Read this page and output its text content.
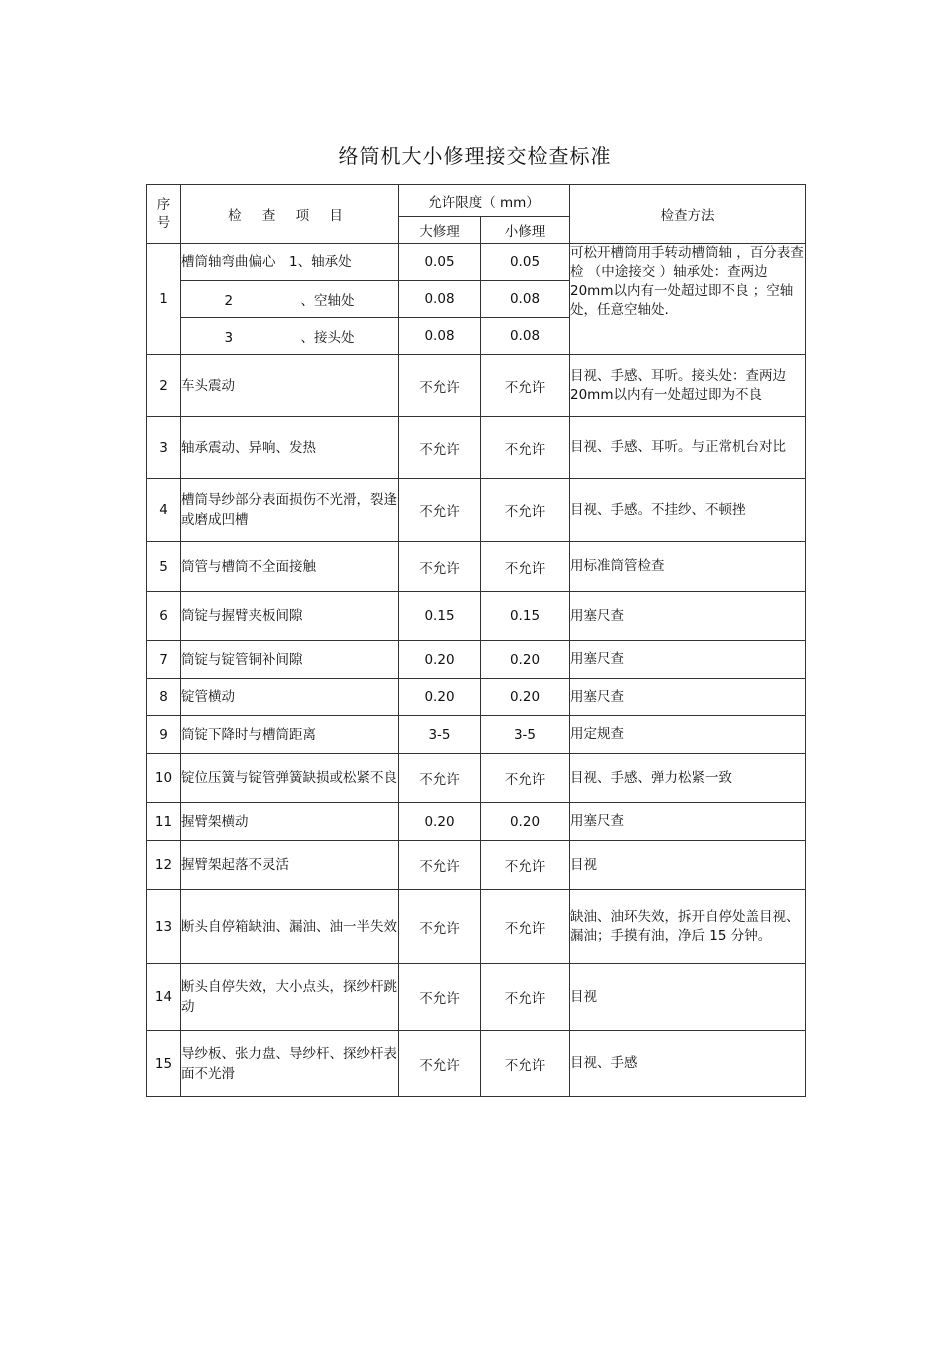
络筒机大小修理接交检查标准
序号	检 查 项 目	允许限度（ mm）		检查方法
		大修理	小修理	
1	槽筒轴弯曲偏心　1、轴承处	0.05	0.05	可松开槽筒用手转动槽筒轴 ，百分表查检 （中途接交 ）轴承处：查两边 20mm以内有一处超过即不良 ；空轴处，任意空轴处.
	2　　　　　、空轴处	0.08	0.08	
	3　　　　　、接头处	0.08	0.08	
2	车头震动	不允许	不允许	目视、手感、耳听。接头处：查两边 20mm以内有一处超过即为不良
3	轴承震动、异响、发热	不允许	不允许	目视、手感、耳听。与正常机台对比
4	槽筒导纱部分表面损伤不光滑，裂逢或磨成凹槽	不允许	不允许	目视、手感。不挂纱、不顿挫
5	筒管与槽筒不全面接触	不允许	不允许	用标准筒管检查
6	筒锭与握臂夹板间隙	0.15	0.15	用塞尺查
7	筒锭与锭管铜补间隙	0.20	0.20	用塞尺查
8	锭管横动	0.20	0.20	用塞尺查
9	筒锭下降时与槽筒距离	3-5	3-5	用定规查
10	锭位压簧与锭管弹簧缺损或松紧不良	不允许	不允许	目视、手感、弹力松紧一致
11	握臂架横动	0.20	0.20	用塞尺查
12	握臂架起落不灵活	不允许	不允许	目视
13	断头自停箱缺油、漏油、油一半失效	不允许	不允许	缺油、油环失效，拆开自停处盖目视、漏油；手摸有油，净后 15 分钟。
14	断头自停失效，大小点头，探纱杆跳动	不允许	不允许	目视
15	导纱板、张力盘、导纱杆、探纱杆表面不光滑	不允许	不允许	目视、手感
